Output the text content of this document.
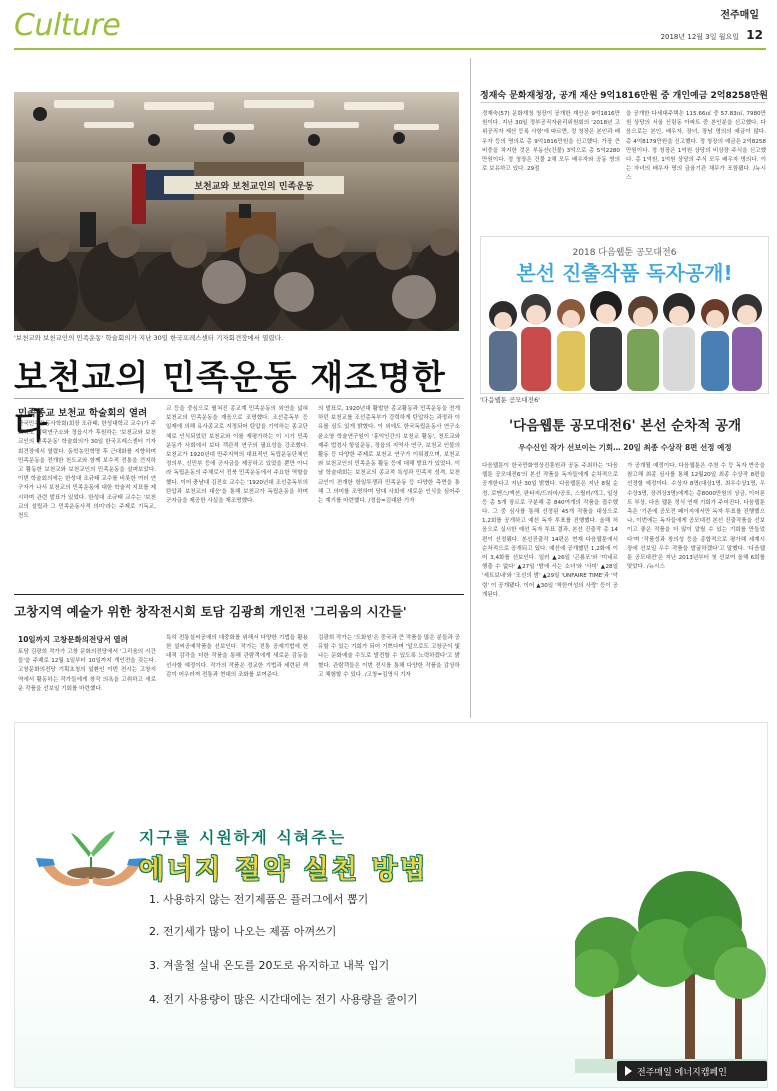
Culture	전주매일
2018년 12월 3일 월요일 12
보천교와 보천교인의 민족운동
'보천교와 보천교인의 민족운동' 학술회의가 지난 30일 한국프레스센터 기자회견장에서 열렸다.
보천교의 민족운동 재조명한다
민족종교 보천교 학술회의 열려

한국민족운동사학회(회장 조규태, 한성대학교 교수)가 주최하고 김탁연구소와 정읍시가 후원하는 '보천교와 보천교인의 민족운동' 학술회의가 30일 한국프레스센터 기자회견장에서 열렸다. 동학농민혁명 후 근대화를 지향하며 민족운동을 전개한 천도교와 함께 보수적 전통을 견지하고 활동한 보천교와 보천교인의 민족운동을 살펴보았다. 이번 학술회의에는 한성대 조규태 교수를 비롯한 여러 연구자가 나서 보천교의 민족운동에 대한 학술적 지표를 제시하며 관련 발표가 있었다. 한성대 조규태 교수는 '보천교의 설립과 그 민족운동사적 의미'라는 주제로 기독교, 천도

교 등을 중심으로 펼쳐진 종교계 민족운동의 외연을 넓혀 보천교의 민족운동을 재음으로 조명했다. 조선총독부 등 일제에 의해 유사종교로 지정되어 탄압을 기억하는 종교단체로 인식되었던 보천교와 이를 재평가하는 이 시기 민족운동가 사회에서 보다 객관적 연구의 필요성을 강조했다. 보천교가 1920년대 만주지역의 대표적인 독립운동단체인 정의부, 신민부 등에 군자금을 제공하고 있었을 뿐만 아니라 독립운동의 주체로서 전북 민족운동에서 주요한 역할을 했다. 이어 충남대 김진호 교수는 '1920년대 조선총독부의 탄압과 보천교의 대응'을 통해 보천교가 독립운동을 하며 군자금을 제공한 사실을 재조명했다.

의 발표로, 1920년대 활발한 종교활동과 민족운동을 전개하던 보천교를 조선총독부가 강력하게 탄압하는 과정과 이유를 심도 있게 밝혔다. 이 외에도 한국독립운동사 연구소 윤소영 학술연구원이 '홍익인간의 보천교 활동', 천도교와 제주 법정사 항일운동, 정읍의 지역사 연구, 보천교 인물의 활동 등 다양한 주제로 보천교 연구가 이뤄졌으며, 보천교와 보천교인의 민족운동 활동 등에 대해 발표가 있었다. 이날 학술대회는 보천교의 종교적 특성과 민족적 성격, 보천교인이 전개한 항일투쟁과 민족운동 등 다양한 측면을 통해 그 의미를 조명하며 당대 사회에 새로운 인식을 심어주는 계기를 마련했다. /정읍=김대완 기자

정재숙 문화재청장, 공개 재산 9억1816만원 중 개인예금 2억8258만원

정재숙(57) 문화재청 청장이 공개한 재산은 9억1816만원이다. 지난 30일 정부공직자윤리위원회의 '2018년 고위공직자 재산 등록 사항'에 따르면, 정 청장은 본인과 배우자 등의 명의로 총 9억1816만원을 신고했다. 가장 큰 비중을 차지한 것은 부동산(건물) 3억으로 총 5억2280만원이다. 정 청장은 건물 2채 모두 배우자와 공동 명의로 보유하고 있다. 29점

을 공개한 다세대주택은 115.66㎡ 중 57.83㎡, 7980만원 상당의 서울 신림동 아파트 중 본인분을 신고했다. 다음으로는 본인, 배우자, 장녀, 장남 명의의 예금이 많다. 총 4억8179만원을 신고했다. 정 청장의 예금은 2억8258만원이다. 정 청장은 1억원 상당의 비상장 주식을 신고했다. 총 1억원, 1억원 상당의 주식 모두 배우자 명의다. 이는 자녀의 배우자 명의 금융기관 채무가 포함됐다. /뉴시스

2018 다음웹툰 공모대전6
본선 진출작품 독자공개!
'다음웹툰 공모대전6'
'다음웹툰 공모대전6' 본선 순차적 공개
우수신인 작가 선보이는 기회… 20일 최종 수상작 8편 선정 예정

다음웹툰이 한국만화영상진흥원과 공동 주최하는 '다음웹툰 공모대전6'의 본선 작품을 독자들에게 순차적으로 공개한다고 지난 30일 밝혔다. 다음웹툰은 지난 8월 순정, 로맨스/액션, 판타지/드라마/공포, 스릴러/개그, 일상 등 총 5개 장르로 구분해 총 840여개의 작품을 접수했다. 그 중 심사를 통해 선정된 45개 작품을 대상으로 1,2회를 공개하고 예선 독자 투표를 진행했다. 올해 처음으로 실시한 예선 독자 투표 결과, 본선 진출작 총 14편이 선정됐다. 본선진출작 14편은 현재 다음웹툰에서 순차적으로 공개되고 있다. 예선에 공개했던 1,2화에 이어 3,4화를 선보인다. 일러 ▲26일 '곤룡포'와 '미네르 행출 수 없다' ▲27일 '밤에 사는 소녀'와 '사미' ▲28일 '세트보내'와 '조선의 밤' ▲29일 'UNFAIRE TIME'과 '악령' 이 공개됐다. 이어 ▲30일 '착한여성의 사랑' 등이 공개된다.

가 공개될 예정이다. 다음웹툰은 추천 수 등 독자 반응을 참고해 최종 심사를 통해 12월20일 최종 수상작 8편을 선정할 예정이다. 수상자 8명(대상1명, 최우수상1명, 우수상3명, 장려상3명)에게는 총8000만원의 상금, 이어폰트 부상, 다음 웹툰 정식 연재 기회가 주어진다. 다음웹툰 측은 '기존에 공모전 페이지에서만 독자 투표를 진행했으나, 이번에는 독자들에게 공모대전 본선 진출작품을 선보이고 좋은 작품을 더 많이 알릴 수 있는 기회를 만들었다'며 '작품성과 창의성 등을 종합적으로 평가해 세계시장에 선보일 우수 작품을 발굴하겠다'고 말했다. '다음웹툰 공모대전'은 지난 2013년부터 첫 선보여 올해 6회를 맞았다. /뉴시스

고창지역 예술가 위한 창작전시회 토담 김광희 개인전 '그리움의 시간들'
10일까지 고창문화의전당서 열려

토담 김광희 작가가 고창 문화의전당에서 '그리움의 시간들'을 주제로 12월 1일부터 10일까지 개인전을 갖는다. 고창문화의전당 기획초청의 일환인 이번 전시는 고창지역에서 활동하는 작가들에게 창작 의욕을 고취하고 새로운 작품을 선보일 기회를 마련했다.

특히 전통설씨공예의 대중화를 위해서 다양한 기법을 활용한 설씨공예작품을 선보인다. 작가는 전통 공예기법에 현대적 감각을 더한 작품을 통해 관람객에게 새로운 감동을 선사할 예정이다. 작가의 작품은 정교한 기법과 세련된 색감이 어우러져 전통과 현대의 조화를 보여준다.

김광희 작가는 '도화원'은 중국과 큰 작품을 많은 분들과 공유할 수 있는 기회가 되어 기쁘다며 '앞으로도 고창군이 빛나는 문화예술 수도로 발전할 수 있도록 노력하겠다'고 밝혔다. 관람객들은 이번 전시를 통해 다양한 작품을 감상하고 체험할 수 있다. /고창=김영식 기자

지구를 시원하게 식혀주는
에너지 절약 실천 방법
1. 사용하지 않는 전기제품은 플러그에서 뽑기
2. 전기세가 많이 나오는 제품 아껴쓰기
3. 겨울철 실내 온도를 20도로 유지하고 내복 입기
4. 전기 사용량이 많은 시간대에는 전기 사용량을 줄이기
전주매일 에너지캠페인
